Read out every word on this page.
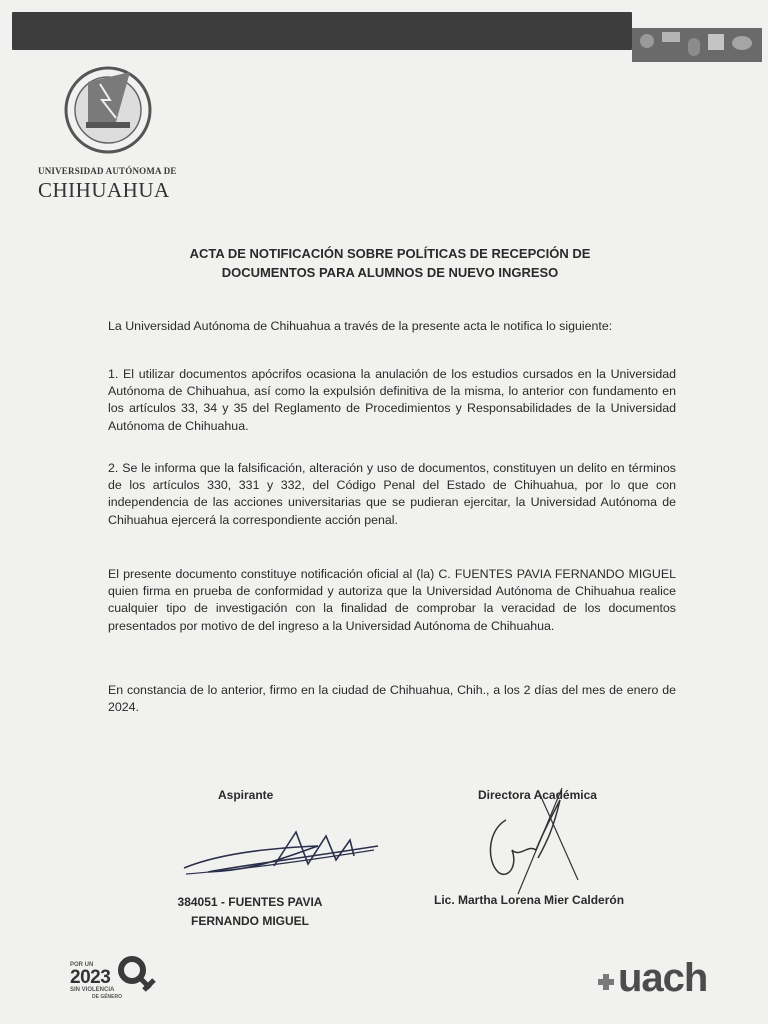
UNIVERSIDAD AUTÓNOMA DE
CHIHUAHUA
ACTA DE NOTIFICACIÓN SOBRE POLÍTICAS DE RECEPCIÓN DE
DOCUMENTOS PARA ALUMNOS DE NUEVO INGRESO

La Universidad Autónoma de Chihuahua a través de la presente acta le notifica lo siguiente:

1. El utilizar documentos apócrifos ocasiona la anulación de los estudios cursados en la Universidad Autónoma de Chihuahua, así como la expulsión definitiva de la misma, lo anterior con fundamento en los artículos 33, 34 y 35 del Reglamento de Procedimientos y Responsabilidades de la Universidad Autónoma de Chihuahua.

2. Se le informa que la falsificación, alteración y uso de documentos, constituyen un delito en términos de los artículos 330, 331 y 332, del Código Penal del Estado de Chihuahua, por lo que con independencia de las acciones universitarias que se pudieran ejercitar, la Universidad Autónoma de Chihuahua ejercerá la correspondiente acción penal.

El presente documento constituye notificación oficial al (la) C. FUENTES PAVIA FERNANDO MIGUEL quien firma en prueba de conformidad y autoriza que la Universidad Autónoma de Chihuahua realice cualquier tipo de investigación con la finalidad de comprobar la veracidad de los documentos presentados por motivo de del ingreso a la Universidad Autónoma de Chihuahua.

En constancia de lo anterior, firmo en la ciudad de Chihuahua, Chih., a los 2 días del mes de enero de 2024.

Aspirante	Directora Académica
384051 - FUENTES PAVIA
FERNANDO MIGUEL
Lic. Martha Lorena Mier Calderón
POR UN
2023
SIN VIOLENCIA
DE GÉNERO	uach
